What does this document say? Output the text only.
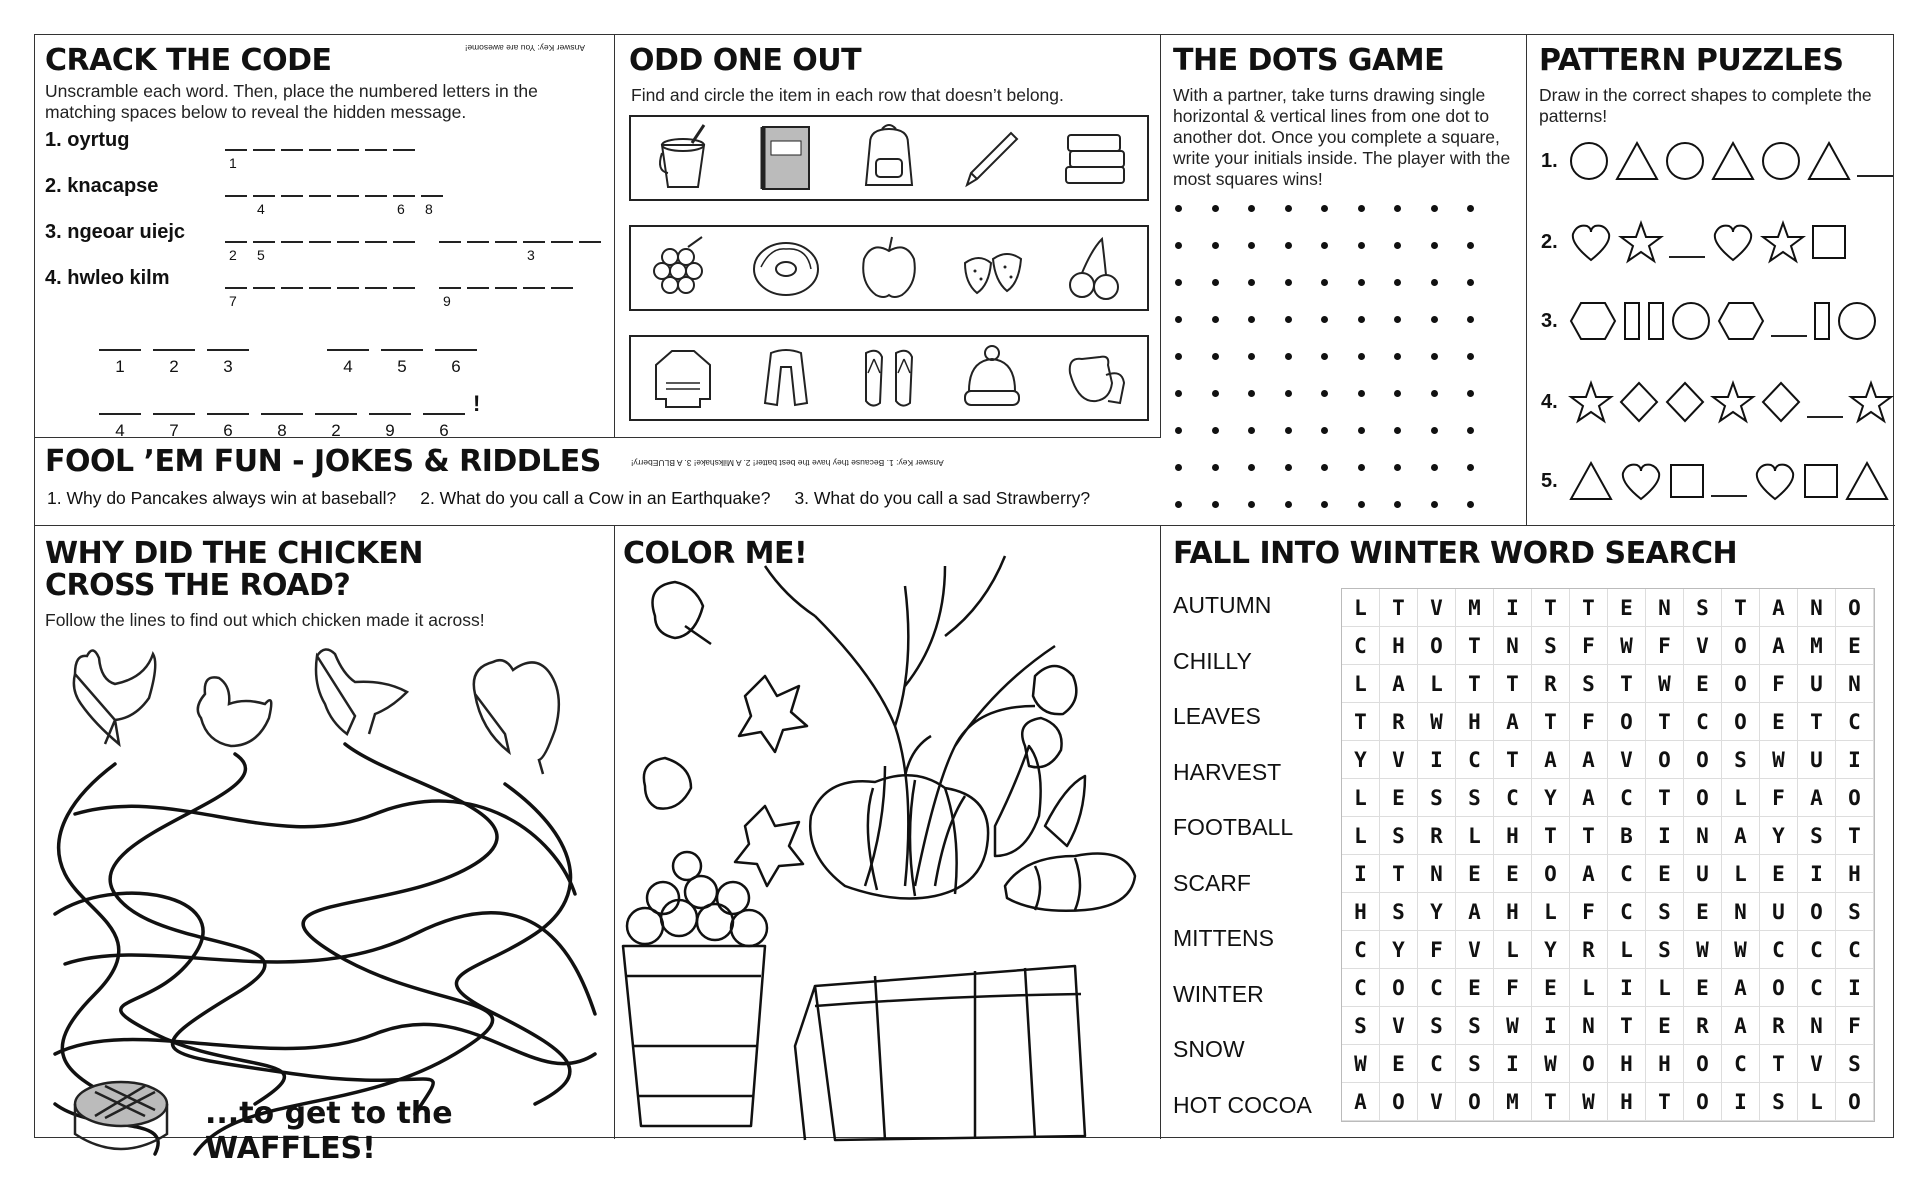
CRACK THE CODE	Answer Key: You are awesome!
Unscramble each word. Then, place the numbered letters in the matching spaces below to reveal the hidden message.
1. oyrtug
2. knacapse
3. ngeoar uiejc
4. hwleo kilm
1
4	6 8
2 5	3
7	9
1	2	3	4	5	6
4	7	6	8	2	9	6
!
ODD ONE OUT
Find and circle the item in each row that doesn’t belong.
THE DOTS GAME
With a partner, take turns drawing single horizontal & vertical lines from one dot to another dot. Once you complete a square, write your initials inside. The player with the most squares wins!
PATTERN PUZZLES
Draw in the correct shapes to complete the patterns!
1.
2.
3.
4.
5.
FOOL ’EM FUN - JOKES & RIDDLES	Answer Key: 1. Because they have the best batter! 2. A Milkshake! 3. A BLUEberry!
1. Why do Pancakes always win at baseball? 2. What do you call a Cow in an Earthquake? 3. What do you call a sad Strawberry?
WHY DID THE CHICKEN
CROSS THE ROAD?
Follow the lines to find out which chicken made it across!
...to get to the WAFFLES!
COLOR ME!	FALL INTO WINTER WORD SEARCH
AUTUMN
CHILLY
LEAVES
HARVEST
FOOTBALL
SCARF
MITTENS
WINTER
SNOW
HOT COCOA
L	T	V	M	I	T	T	E	N	S	T	A	N	O
C	H	O	T	N	S	F	W	F	V	O	A	M	E
L	A	L	T	T	R	S	T	W	E	O	F	U	N
T	R	W	H	A	T	F	O	T	C	O	E	T	C
Y	V	I	C	T	A	A	V	O	O	S	W	U	I
L	E	S	S	C	Y	A	C	T	O	L	F	A	O
L	S	R	L	H	T	T	B	I	N	A	Y	S	T
I	T	N	E	E	O	A	C	E	U	L	E	I	H
H	S	Y	A	H	L	F	C	S	E	N	U	O	S
C	Y	F	V	L	Y	R	L	S	W	W	C	C	C
C	O	C	E	F	E	L	I	L	E	A	O	C	I
S	V	S	S	W	I	N	T	E	R	A	R	N	F
W	E	C	S	I	W	O	H	H	O	C	T	V	S
A	O	V	O	M	T	W	H	T	O	I	S	L	O
